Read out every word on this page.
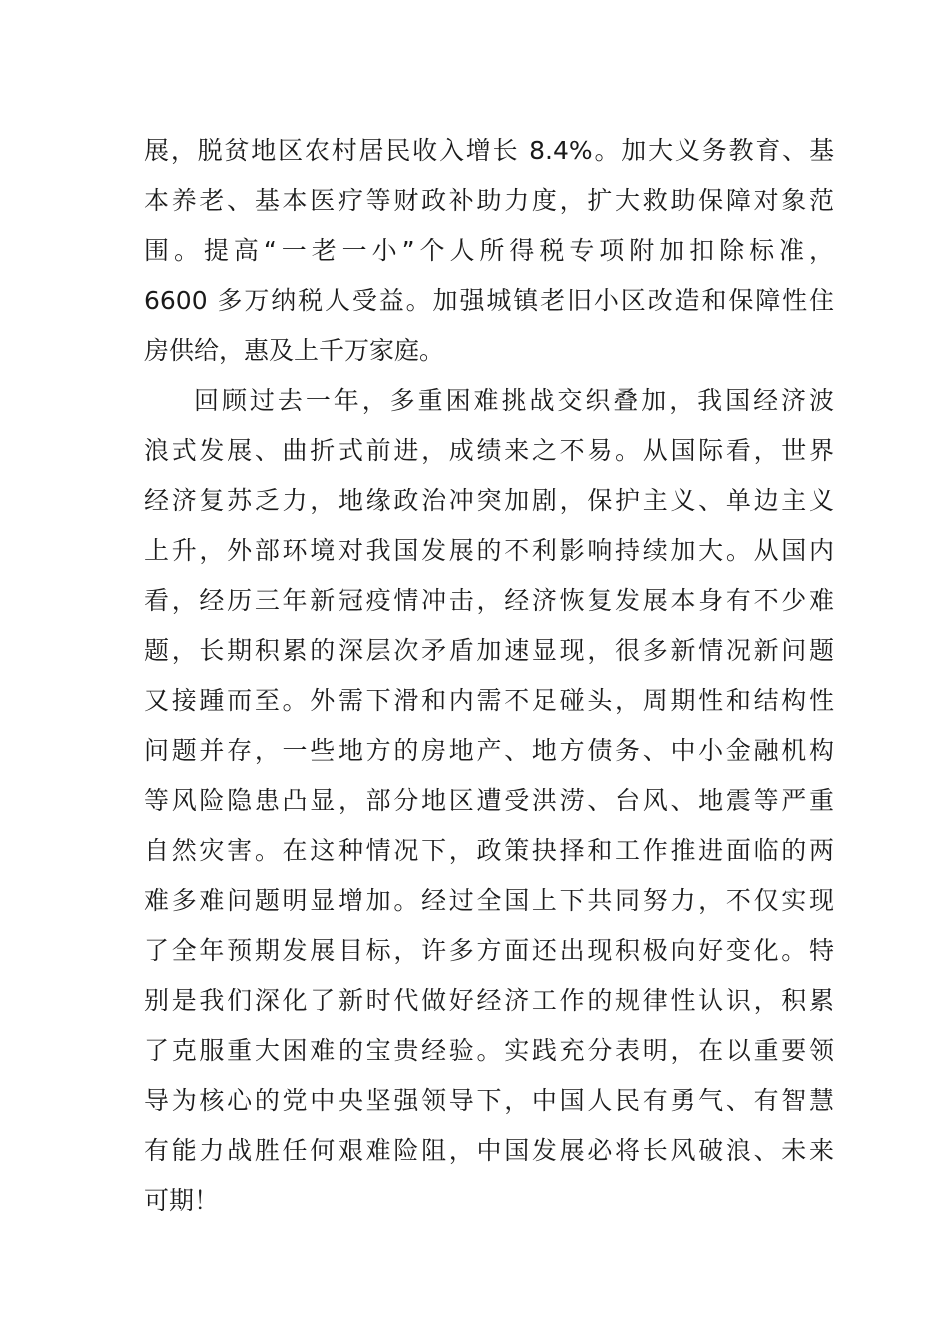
展，脱贫地区农村居民收入增长 8.4%。加大义务教育、基
本养老、基本医疗等财政补助力度，扩大救助保障对象范
围。提高“一老一小”个人所得税专项附加扣除标准，
6600 多万纳税人受益。加强城镇老旧小区改造和保障性住
房供给，惠及上千万家庭。
回顾过去一年，多重困难挑战交织叠加，我国经济波
浪式发展、曲折式前进，成绩来之不易。从国际看，世界
经济复苏乏力，地缘政治冲突加剧，保护主义、单边主义
上升，外部环境对我国发展的不利影响持续加大。从国内
看，经历三年新冠疫情冲击，经济恢复发展本身有不少难
题，长期积累的深层次矛盾加速显现，很多新情况新问题
又接踵而至。外需下滑和内需不足碰头，周期性和结构性
问题并存，一些地方的房地产、地方债务、中小金融机构
等风险隐患凸显，部分地区遭受洪涝、台风、地震等严重
自然灾害。在这种情况下，政策抉择和工作推进面临的两
难多难问题明显增加。经过全国上下共同努力，不仅实现
了全年预期发展目标，许多方面还出现积极向好变化。特
别是我们深化了新时代做好经济工作的规律性认识，积累
了克服重大困难的宝贵经验。实践充分表明，在以重要领
导为核心的党中央坚强领导下，中国人民有勇气、有智慧
有能力战胜任何艰难险阻，中国发展必将长风破浪、未来
可期！
